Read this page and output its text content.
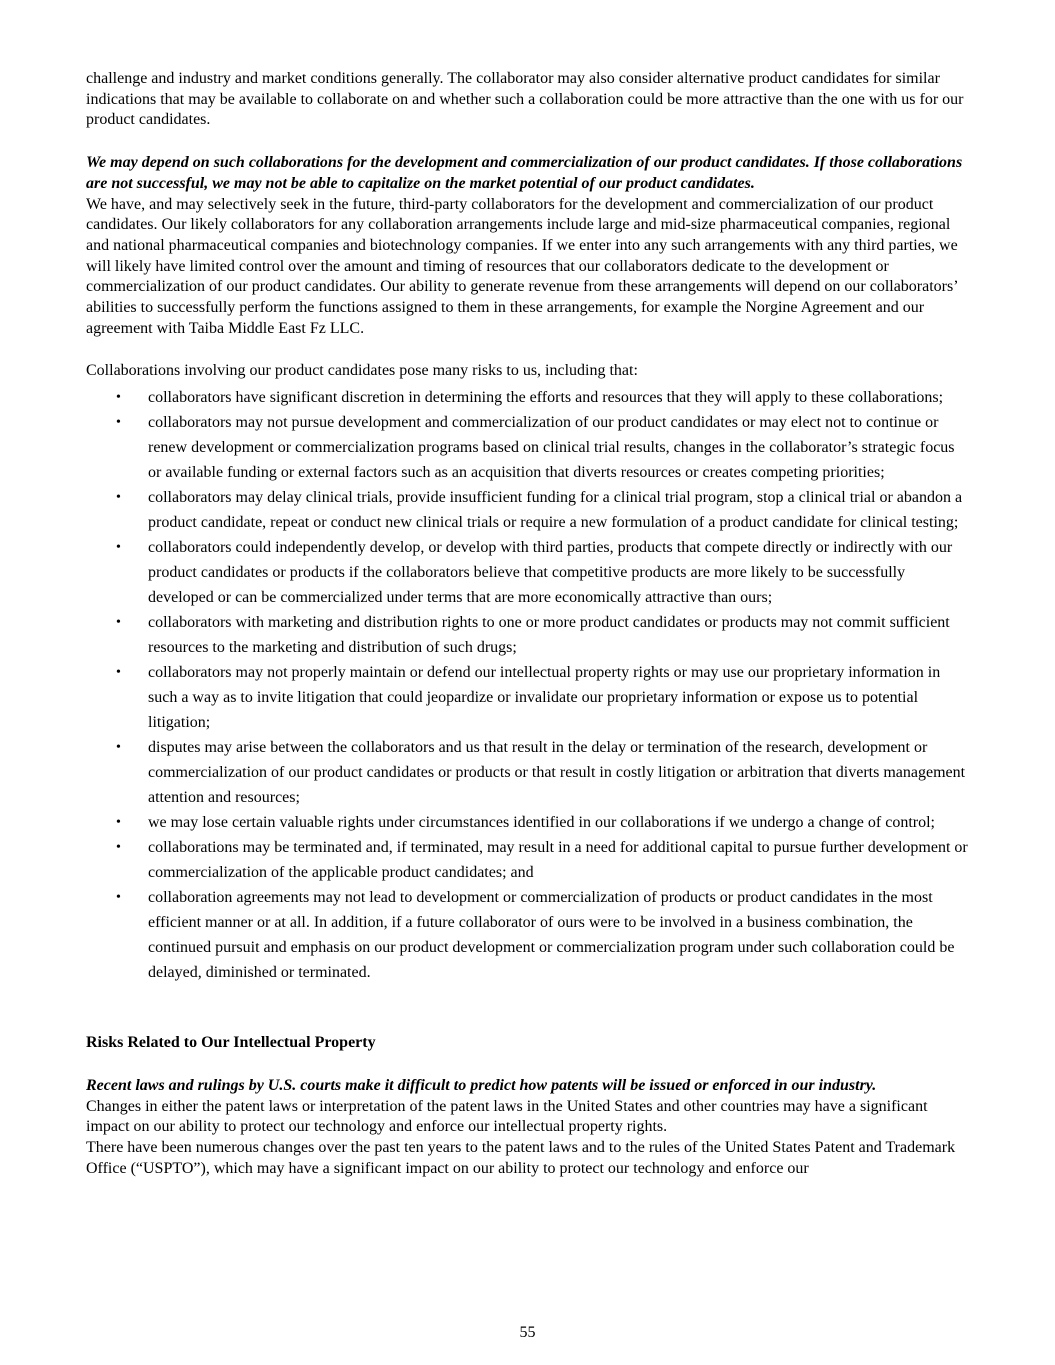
challenge and industry and market conditions generally. The collaborator may also consider alternative product candidates for similar indications that may be available to collaborate on and whether such a collaboration could be more attractive than the one with us for our product candidates.

We may depend on such collaborations for the development and commercialization of our product candidates. If those collaborations are not successful, we may not be able to capitalize on the market potential of our product candidates.

We have, and may selectively seek in the future, third-party collaborators for the development and commercialization of our product candidates. Our likely collaborators for any collaboration arrangements include large and mid-size pharmaceutical companies, regional and national pharmaceutical companies and biotechnology companies. If we enter into any such arrangements with any third parties, we will likely have limited control over the amount and timing of resources that our collaborators dedicate to the development or commercialization of our product candidates. Our ability to generate revenue from these arrangements will depend on our collaborators’ abilities to successfully perform the functions assigned to them in these arrangements, for example the Norgine Agreement and our agreement with Taiba Middle East Fz LLC.

Collaborations involving our product candidates pose many risks to us, including that:

• collaborators have significant discretion in determining the efforts and resources that they will apply to these collaborations;
• collaborators may not pursue development and commercialization of our product candidates or may elect not to continue or renew development or commercialization programs based on clinical trial results, changes in the collaborator’s strategic focus or available funding or external factors such as an acquisition that diverts resources or creates competing priorities;
• collaborators may delay clinical trials, provide insufficient funding for a clinical trial program, stop a clinical trial or abandon a product candidate, repeat or conduct new clinical trials or require a new formulation of a product candidate for clinical testing;
• collaborators could independently develop, or develop with third parties, products that compete directly or indirectly with our product candidates or products if the collaborators believe that competitive products are more likely to be successfully developed or can be commercialized under terms that are more economically attractive than ours;
• collaborators with marketing and distribution rights to one or more product candidates or products may not commit sufficient resources to the marketing and distribution of such drugs;
• collaborators may not properly maintain or defend our intellectual property rights or may use our proprietary information in such a way as to invite litigation that could jeopardize or invalidate our proprietary information or expose us to potential litigation;
• disputes may arise between the collaborators and us that result in the delay or termination of the research, development or commercialization of our product candidates or products or that result in costly litigation or arbitration that diverts management attention and resources;
• we may lose certain valuable rights under circumstances identified in our collaborations if we undergo a change of control;
• collaborations may be terminated and, if terminated, may result in a need for additional capital to pursue further development or commercialization of the applicable product candidates; and
• collaboration agreements may not lead to development or commercialization of products or product candidates in the most efficient manner or at all. In addition, if a future collaborator of ours were to be involved in a business combination, the continued pursuit and emphasis on our product development or commercialization program under such collaboration could be delayed, diminished or terminated.

Risks Related to Our Intellectual Property

Recent laws and rulings by U.S. courts make it difficult to predict how patents will be issued or enforced in our industry.

Changes in either the patent laws or interpretation of the patent laws in the United States and other countries may have a significant impact on our ability to protect our technology and enforce our intellectual property rights.

There have been numerous changes over the past ten years to the patent laws and to the rules of the United States Patent and Trademark Office (“USPTO”), which may have a significant impact on our ability to protect our technology and enforce our

55
